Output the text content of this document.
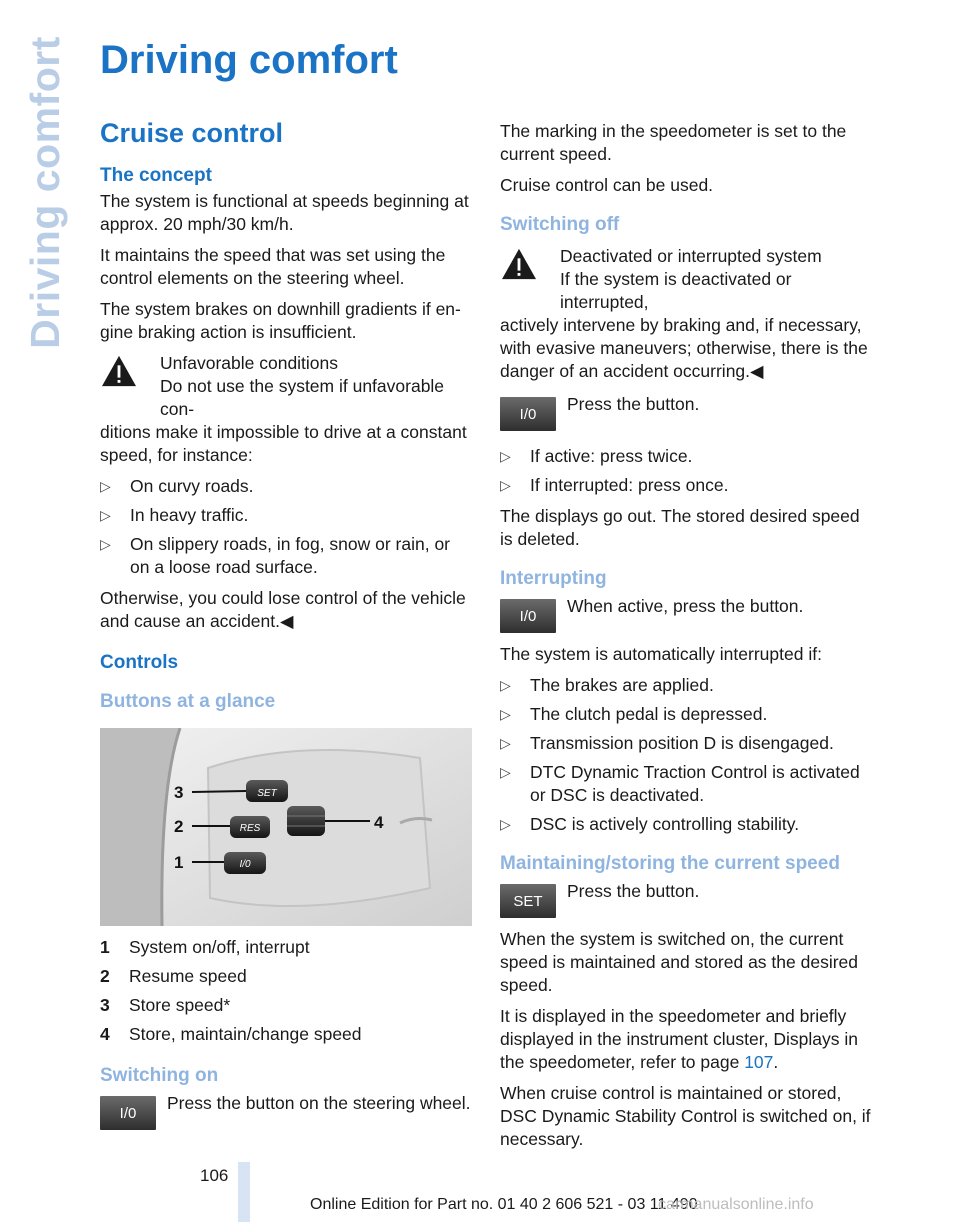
Driving comfort Driving comfort
Cruise control
The concept

The system is functional at speeds beginning at approx. 20 mph/30 km/h.

It maintains the speed that was set using the control elements on the steering wheel.

The system brakes on downhill gradients if en‐gine braking action is insufficient.

Unfavorable conditions
Do not use the system if unfavorable con‐

ditions make it impossible to drive at a constant speed, for instance:

▷ On curvy roads.
▷ In heavy traffic.
▷ On slippery roads, in fog, snow or rain, or on a loose road surface.

Otherwise, you could lose control of the vehicle and cause an accident.◀

Controls
Buttons at a glance
3
2
1
4
SET
RES
I/0
1	System on/off, interrupt
2	Resume speed
3	Store speed*
4	Store, maintain/change speed
Switching on
I/0	Press the button on the steering wheel.

The marking in the speedometer is set to the current speed.

Cruise control can be used.

Switching off
Deactivated or interrupted system
If the system is deactivated or interrupted,

actively intervene by braking and, if necessary, with evasive maneuvers; otherwise, there is the danger of an accident occurring.◀

I/0	Press the button.
▷ If active: press twice.
▷ If interrupted: press once.

The displays go out. The stored desired speed is deleted.

Interrupting
I/0	When active, press the button.

The system is automatically interrupted if:

▷ The brakes are applied.
▷ The clutch pedal is depressed.
▷ Transmission position D is disengaged.
▷ DTC Dynamic Traction Control is activated or DSC is deactivated.
▷ DSC is actively controlling stability.
Maintaining/storing the current speed
SET	Press the button.

When the system is switched on, the current speed is maintained and stored as the desired speed.

It is displayed in the speedometer and briefly displayed in the instrument cluster, Displays in the speedometer, refer to page 107.

When cruise control is maintained or stored, DSC Dynamic Stability Control is switched on, if necessary.

106
Online Edition for Part no. 01 40 2 606 521 - 03 11 490
carmanualsonline.info
